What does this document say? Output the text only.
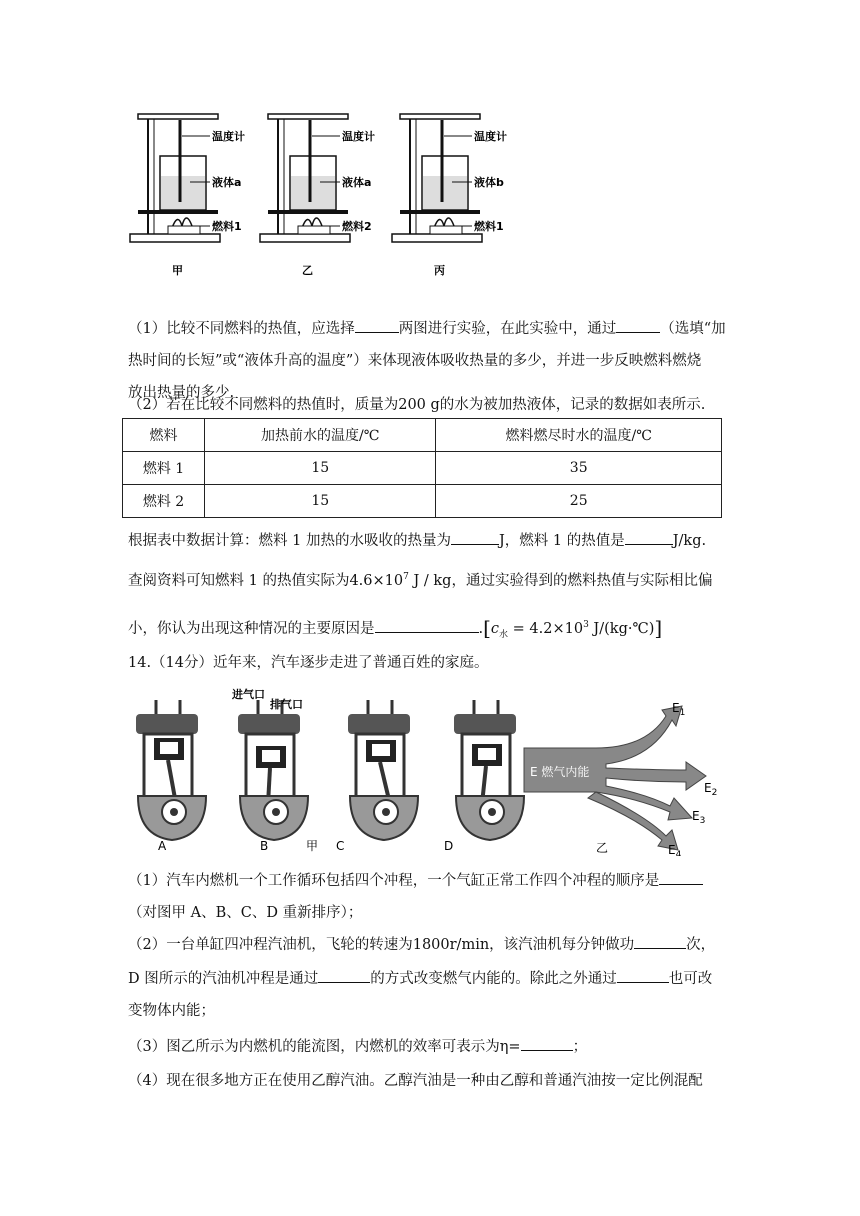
温度计
液体a
燃料1
甲
温度计
液体a
燃料2
乙
温度计
液体b
燃料1
丙
（1）比较不同燃料的热值，应选择	两图进行实验，在此实验中，通过	（选填“加
热时间的长短”或“液体升高的温度”）来体现液体吸收热量的多少，并进一步反映燃料燃烧
放出热量的多少.
（2）若在比较不同燃料的热值时，质量为200 g的水为被加热液体，记录的数据如表所示.
燃料	加热前水的温度/℃	燃料燃尽时水的温度/℃
燃料 1	15	35
燃料 2	15	25
根据表中数据计算：燃料 1 加热的水吸收的热量为	J，燃料 1 的热值是	J/kg.
查阅资料可知燃料 1 的热值实际为$4.6\times 10^7$ J / kg，通过实验得到的燃料热值与实际相比偏
小，你认为出现这种情况的主要原因是	$.[c_水 = 4.2\times 10^3$ J/(kg·℃)]
14.（14分）近年来，汽车逐步走进了普通百姓的家庭。
A
进气口
排气口
B	甲 C	D
E 燃气内能
$E_1$
$E_2$
$E_3$
$E_4$
乙
（1）汽车内燃机一个工作循环包括四个冲程，一个气缸正常工作四个冲程的顺序是
（对图甲 A、B、C、D 重新排序）；
（2）一台单缸四冲程汽油机，飞轮的转速为1800r/min，该汽油机每分钟做功	次，
D 图所示的汽油机冲程是通过	的方式改变燃气内能的。除此之外通过	也可改
变物体内能；
（3）图乙所示为内燃机的能流图，内燃机的效率可表示为η=	；
（4）现在很多地方正在使用乙醇汽油。乙醇汽油是一种由乙醇和普通汽油按一定比例混配
